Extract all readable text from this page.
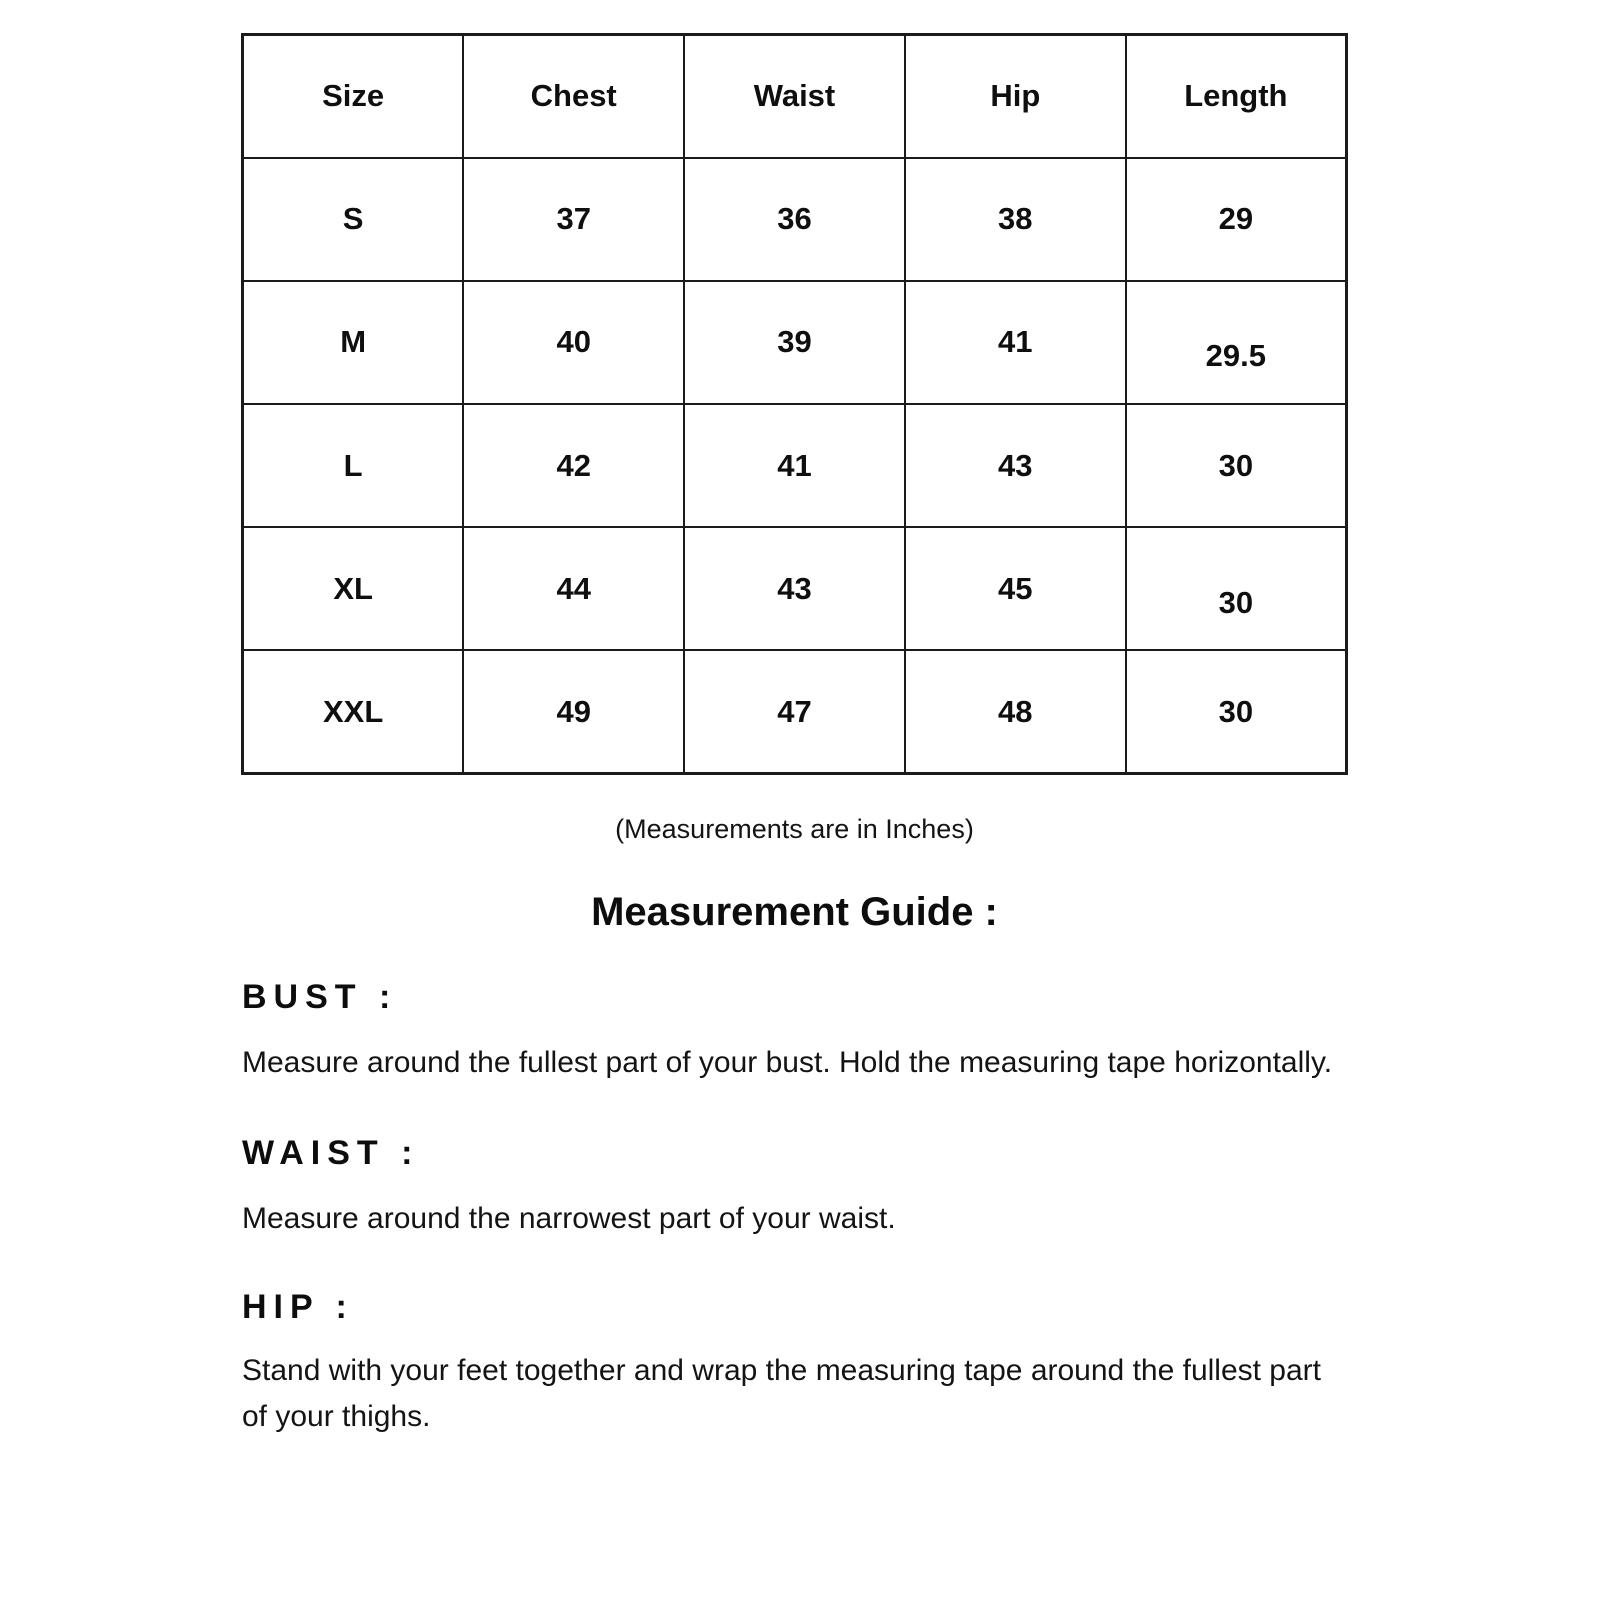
Size	Chest	Waist	Hip	Length
S	37	36	38	29
M	40	39	41	29.5
L	42	41	43	30
XL	44	43	45	30
XXL	49	47	48	30
(Measurements are in Inches)
Measurement Guide :
BUST :
Measure around the fullest part of your bust. Hold the measuring tape horizontally.
WAIST :
Measure around the narrowest part of your waist.
HIP :
Stand with your feet together and wrap the measuring tape around the fullest part
of your thighs.
